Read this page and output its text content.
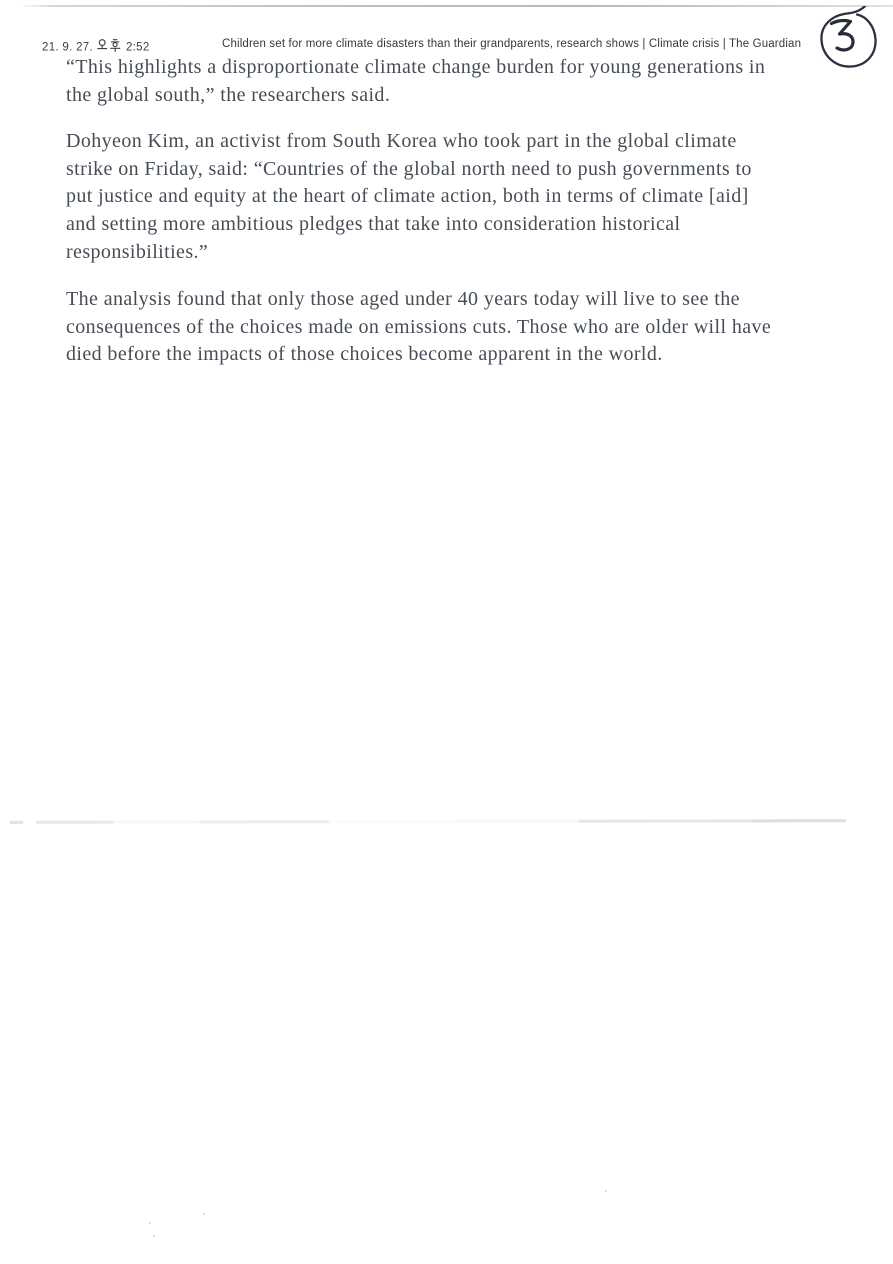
21. 9. 27.	2:52	Children set for more climate disasters than their grandparents, research shows | Climate crisis | The Guardian
“This highlights a disproportionate climate change burden for young generations in
the global south,” the researchers said.
Dohyeon Kim, an activist from South Korea who took part in the global climate
strike on Friday, said: “Countries of the global north need to push governments to
put justice and equity at the heart of climate action, both in terms of climate [aid]
and setting more ambitious pledges that take into consideration historical
responsibilities.”
The analysis found that only those aged under 40 years today will live to see the
consequences of the choices made on emissions cuts. Those who are older will have
died before the impacts of those choices become apparent in the world.
